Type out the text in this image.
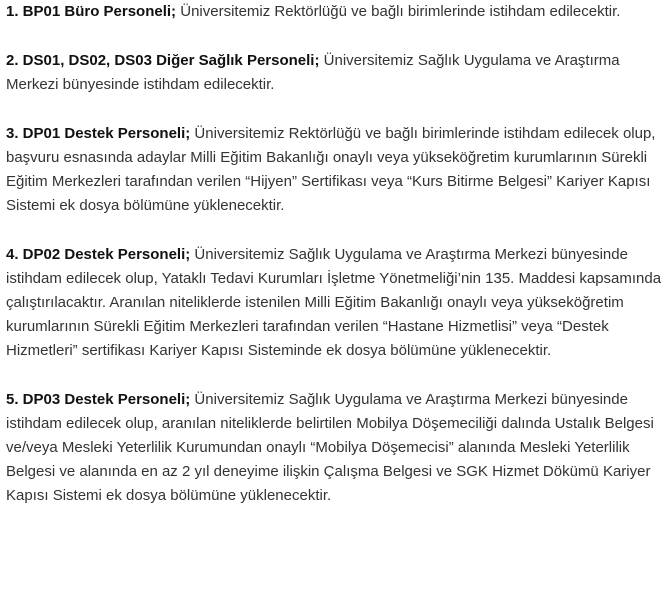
1. BP01 Büro Personeli; Üniversitemiz Rektörlüğü ve bağlı birimlerinde istihdam edilecektir.

2. DS01, DS02, DS03 Diğer Sağlık Personeli; Üniversitemiz Sağlık Uygulama ve Araştırma Merkezi bünyesinde istihdam edilecektir.

3. DP01 Destek Personeli; Üniversitemiz Rektörlüğü ve bağlı birimlerinde istihdam edilecek olup, başvuru esnasında adaylar Milli Eğitim Bakanlığı onaylı veya yükseköğretim kurumlarının Sürekli Eğitim Merkezleri tarafından verilen “Hijyen” Sertifikası veya “Kurs Bitirme Belgesi” Kariyer Kapısı Sistemi ek dosya bölümüne yüklenecektir.

4. DP02 Destek Personeli; Üniversitemiz Sağlık Uygulama ve Araştırma Merkezi bünyesinde istihdam edilecek olup, Yataklı Tedavi Kurumları İşletme Yönetmeliği’nin 135. Maddesi kapsamında çalıştırılacaktır. Aranılan niteliklerde istenilen Milli Eğitim Bakanlığı onaylı veya yükseköğretim kurumlarının Sürekli Eğitim Merkezleri tarafından verilen “Hastane Hizmetlisi” veya “Destek Hizmetleri” sertifikası Kariyer Kapısı Sisteminde ek dosya bölümüne yüklenecektir.

5. DP03 Destek Personeli; Üniversitemiz Sağlık Uygulama ve Araştırma Merkezi bünyesinde istihdam edilecek olup, aranılan niteliklerde belirtilen Mobilya Döşemeciliği dalında Ustalık Belgesi ve/veya Mesleki Yeterlilik Kurumundan onaylı “Mobilya Döşemecisi” alanında Mesleki Yeterlilik Belgesi ve alanında en az 2 yıl deneyime ilişkin Çalışma Belgesi ve SGK Hizmet Dökümü Kariyer Kapısı Sistemi ek dosya bölümüne yüklenecektir.
